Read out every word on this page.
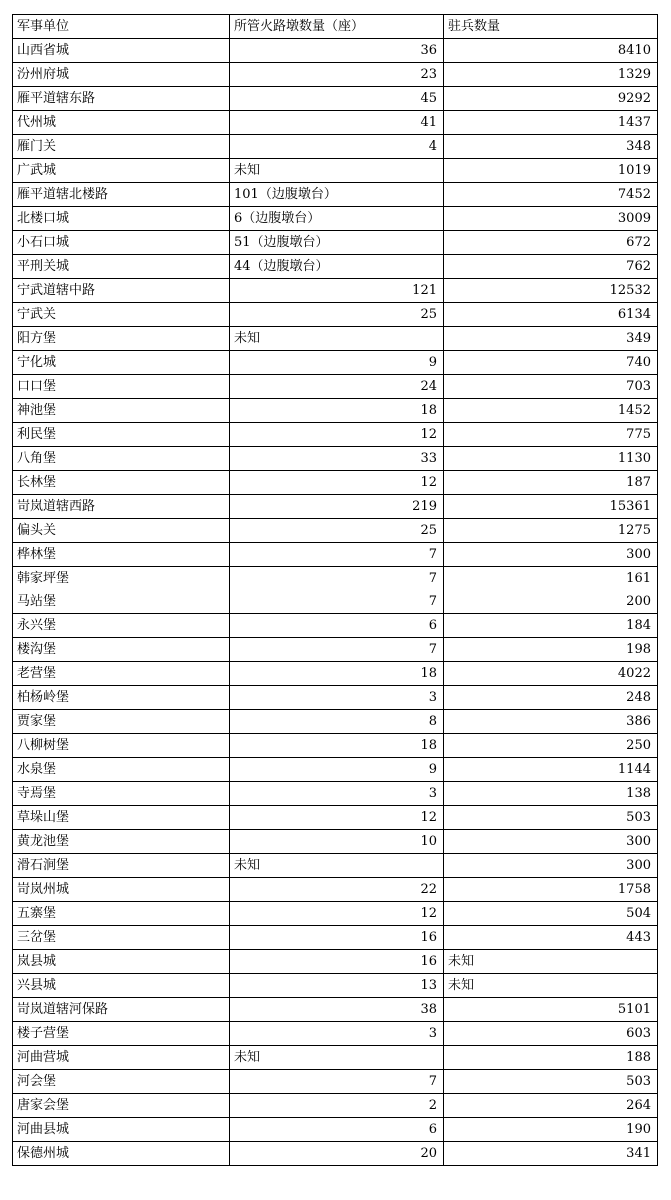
军事单位	所管火路墩数量（座）	驻兵数量
山西省城	36	8410
汾州府城	23	1329
雁平道辖东路	45	9292
代州城	41	1437
雁门关	4	348
广武城	未知	1019
雁平道辖北楼路	101（边腹墩台）	7452
北楼口城	6（边腹墩台）	3009
小石口城	51（边腹墩台）	672
平刑关城	44（边腹墩台）	762
宁武道辖中路	121	12532
宁武关	25	6134
阳方堡	未知	349
宁化城	9	740
口口堡	24	703
神池堡	18	1452
利民堡	12	775
八角堡	33	1130
长林堡	12	187
岢岚道辖西路	219	15361
偏头关	25	1275
桦林堡	7	300
韩家坪堡	7	161
马站堡	7	200
永兴堡	6	184
楼沟堡	7	198
老营堡	18	4022
柏杨岭堡	3	248
贾家堡	8	386
八柳树堡	18	250
水泉堡	9	1144
寺焉堡	3	138
草垛山堡	12	503
黄龙池堡	10	300
滑石涧堡	未知	300
岢岚州城	22	1758
五寨堡	12	504
三岔堡	16	443
岚县城	16	未知
兴县城	13	未知
岢岚道辖河保路	38	5101
楼子营堡	3	603
河曲营城	未知	188
河会堡	7	503
唐家会堡	2	264
河曲县城	6	190
保德州城	20	341
